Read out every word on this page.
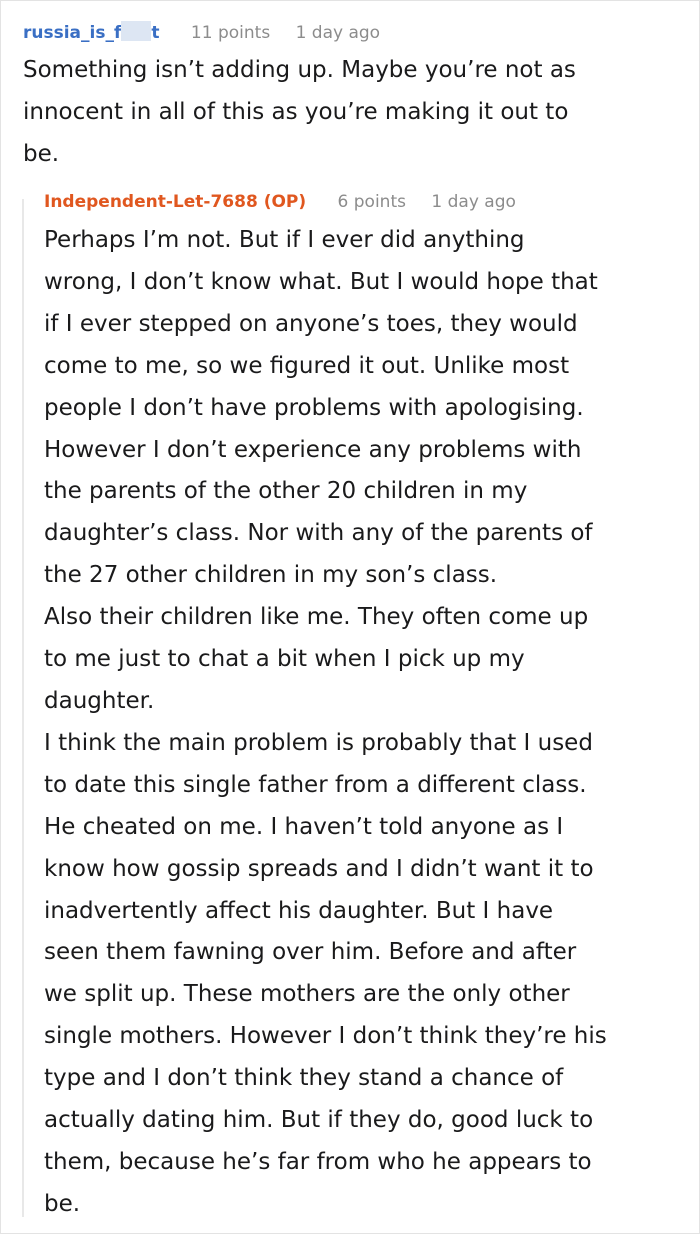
russia_is_f t 11 points 1 day ago
Something isn’t adding up. Maybe you’re not as
innocent in all of this as you’re making it out to
be.
Independent-Let-7688 (OP) 6 points 1 day ago
Perhaps I’m not. But if I ever did anything
wrong, I don’t know what. But I would hope that
if I ever stepped on anyone’s toes, they would
come to me, so we figured it out. Unlike most
people I don’t have problems with apologising.
However I don’t experience any problems with
the parents of the other 20 children in my
daughter’s class. Nor with any of the parents of
the 27 other children in my son’s class.
Also their children like me. They often come up
to me just to chat a bit when I pick up my
daughter.
I think the main problem is probably that I used
to date this single father from a different class.
He cheated on me. I haven’t told anyone as I
know how gossip spreads and I didn’t want it to
inadvertently affect his daughter. But I have
seen them fawning over him. Before and after
we split up. These mothers are the only other
single mothers. However I don’t think they’re his
type and I don’t think they stand a chance of
actually dating him. But if they do, good luck to
them, because he’s far from who he appears to
be.
